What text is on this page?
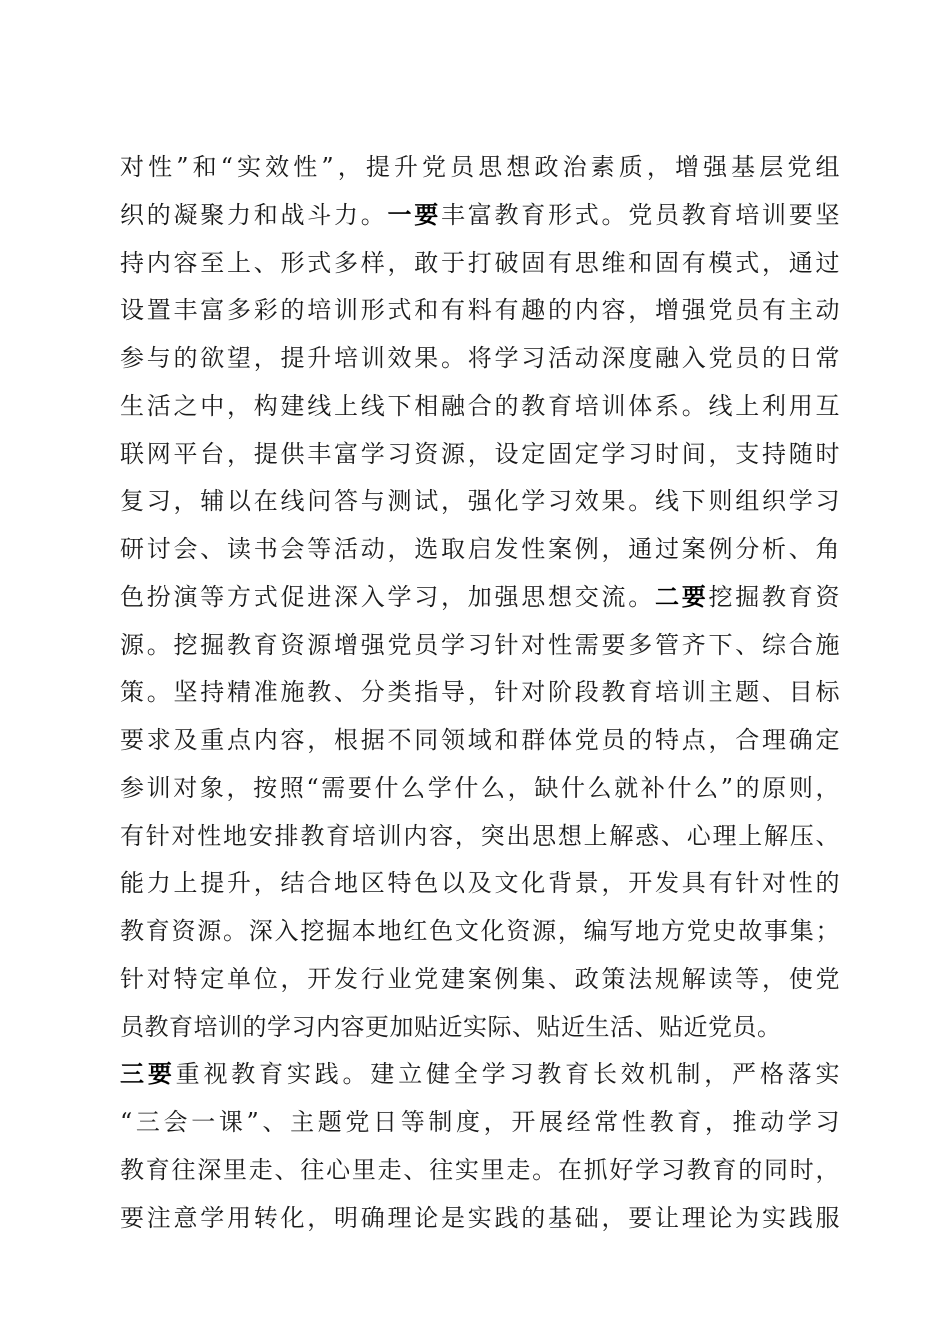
对性”和“实效性”，提升党员思想政治素质，增强基层党组
织的凝聚力和战斗力。一要丰富教育形式。党员教育培训要坚
持内容至上、形式多样，敢于打破固有思维和固有模式，通过
设置丰富多彩的培训形式和有料有趣的内容，增强党员有主动
参与的欲望，提升培训效果。将学习活动深度融入党员的日常
生活之中，构建线上线下相融合的教育培训体系。线上利用互
联网平台，提供丰富学习资源，设定固定学习时间，支持随时
复习，辅以在线问答与测试，强化学习效果。线下则组织学习
研讨会、读书会等活动，选取启发性案例，通过案例分析、角
色扮演等方式促进深入学习，加强思想交流。二要挖掘教育资
源。挖掘教育资源增强党员学习针对性需要多管齐下、综合施
策。坚持精准施教、分类指导，针对阶段教育培训主题、目标
要求及重点内容，根据不同领域和群体党员的特点，合理确定
参训对象，按照“需要什么学什么，缺什么就补什么”的原则，
有针对性地安排教育培训内容，突出思想上解惑、心理上解压、
能力上提升，结合地区特色以及文化背景，开发具有针对性的
教育资源。深入挖掘本地红色文化资源，编写地方党史故事集；
针对特定单位，开发行业党建案例集、政策法规解读等，使党
员教育培训的学习内容更加贴近实际、贴近生活、贴近党员。
三要重视教育实践。建立健全学习教育长效机制，严格落实
“三会一课”、主题党日等制度，开展经常性教育，推动学习
教育往深里走、往心里走、往实里走。在抓好学习教育的同时，
要注意学用转化，明确理论是实践的基础，要让理论为实践服
